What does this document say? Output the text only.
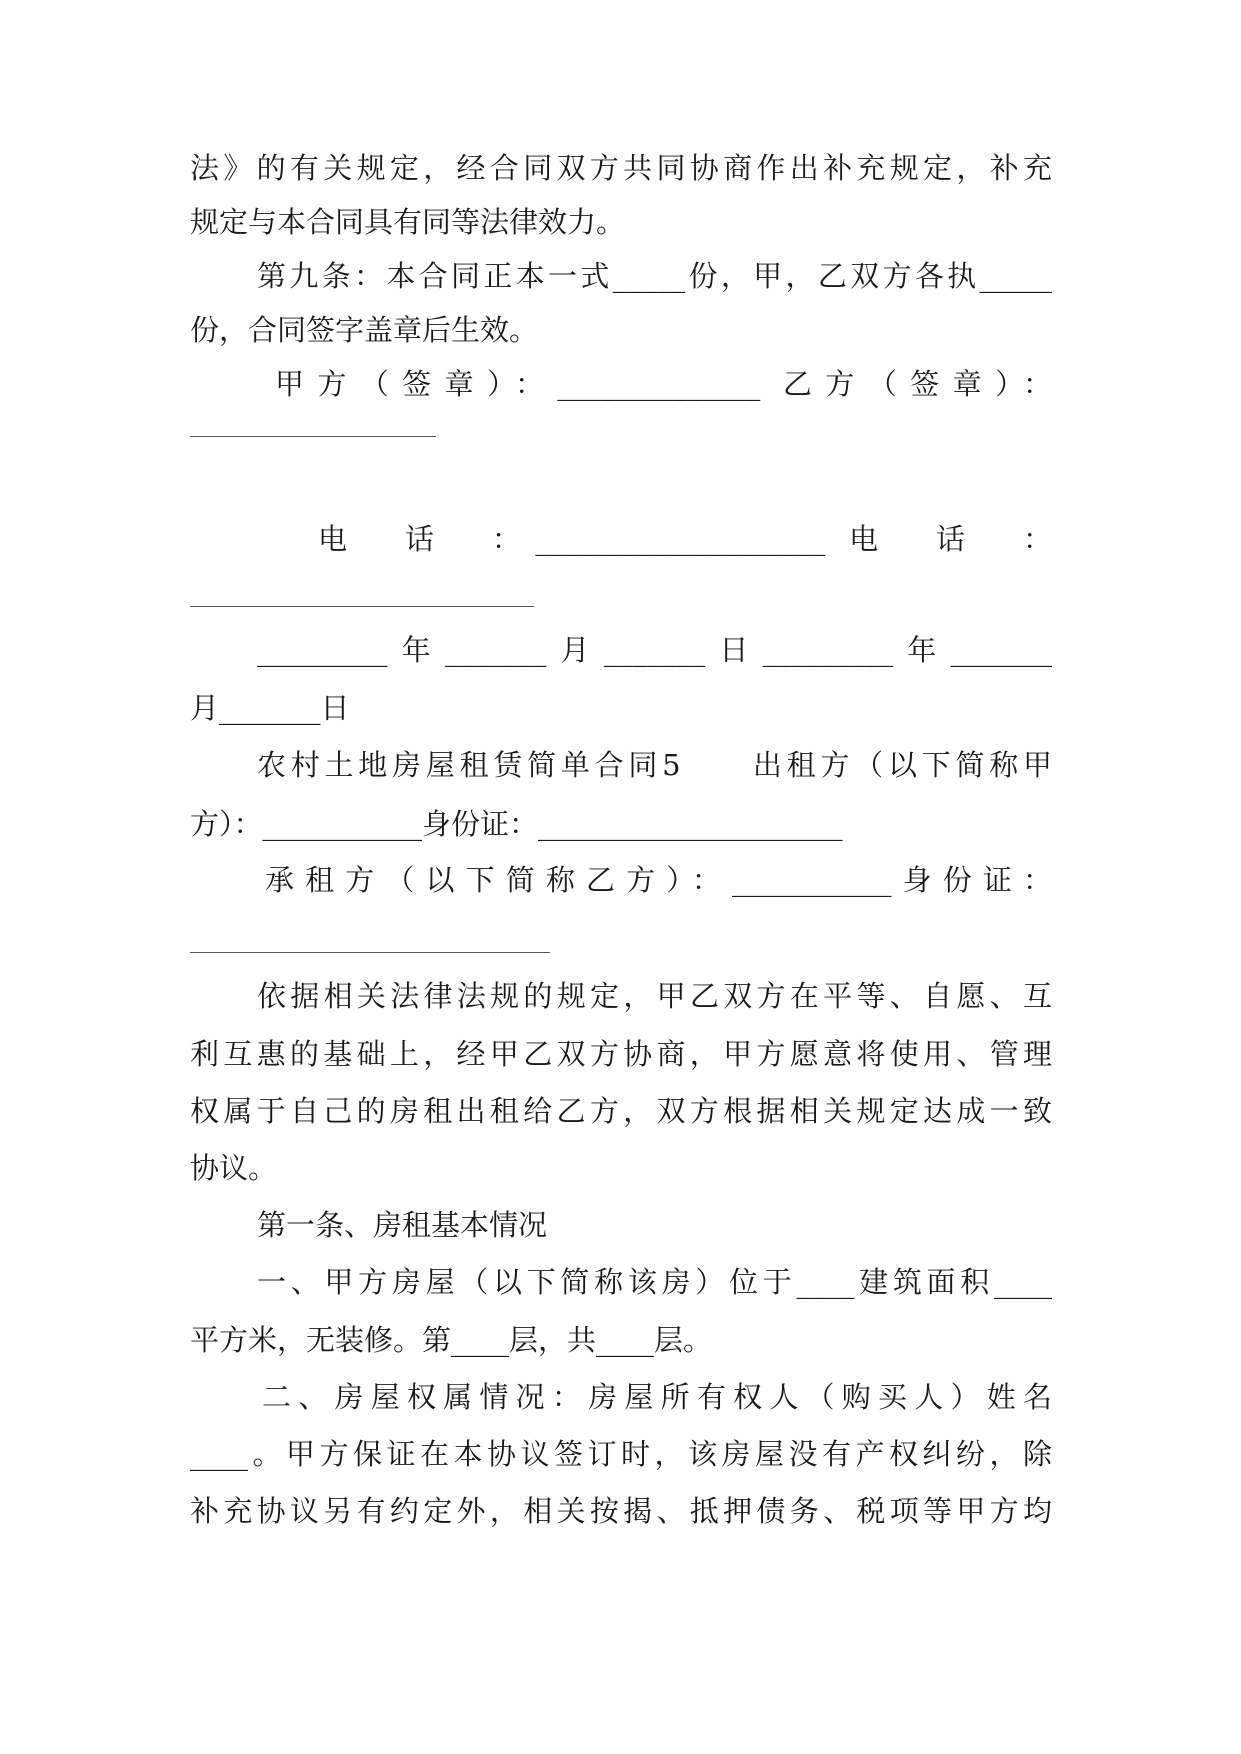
法》的有关规定，经合同双方共同协商作出补充规定，补充
规定与本合同具有同等法律效力。
第九条：本合同正本一式_____份，甲，乙双方各执_____
份，合同签字盖章后生效。
甲方（签章）：______________ 乙方（签章）：
电　话　：____________________ 电　话　：
_________年_______月_______日_________年_______
月_______日
农村土地房屋租赁简单合同5　　出租方（以下简称甲
方）：___________身份证：_____________________
承租方（以下简称乙方）：___________身份证：
依据相关法律法规的规定，甲乙双方在平等、自愿、互
利互惠的基础上，经甲乙双方协商，甲方愿意将使用、管理
权属于自己的房租出租给乙方，双方根据相关规定达成一致
协议。
第一条、房租基本情况
一、甲方房屋（以下简称该房）位于____建筑面积____
平方米，无装修。第____层，共____层。
二、房屋权属情况：房屋所有权人（购买人）姓名
____。甲方保证在本协议签订时，该房屋没有产权纠纷，除
补充协议另有约定外，相关按揭、抵押债务、税项等甲方均
